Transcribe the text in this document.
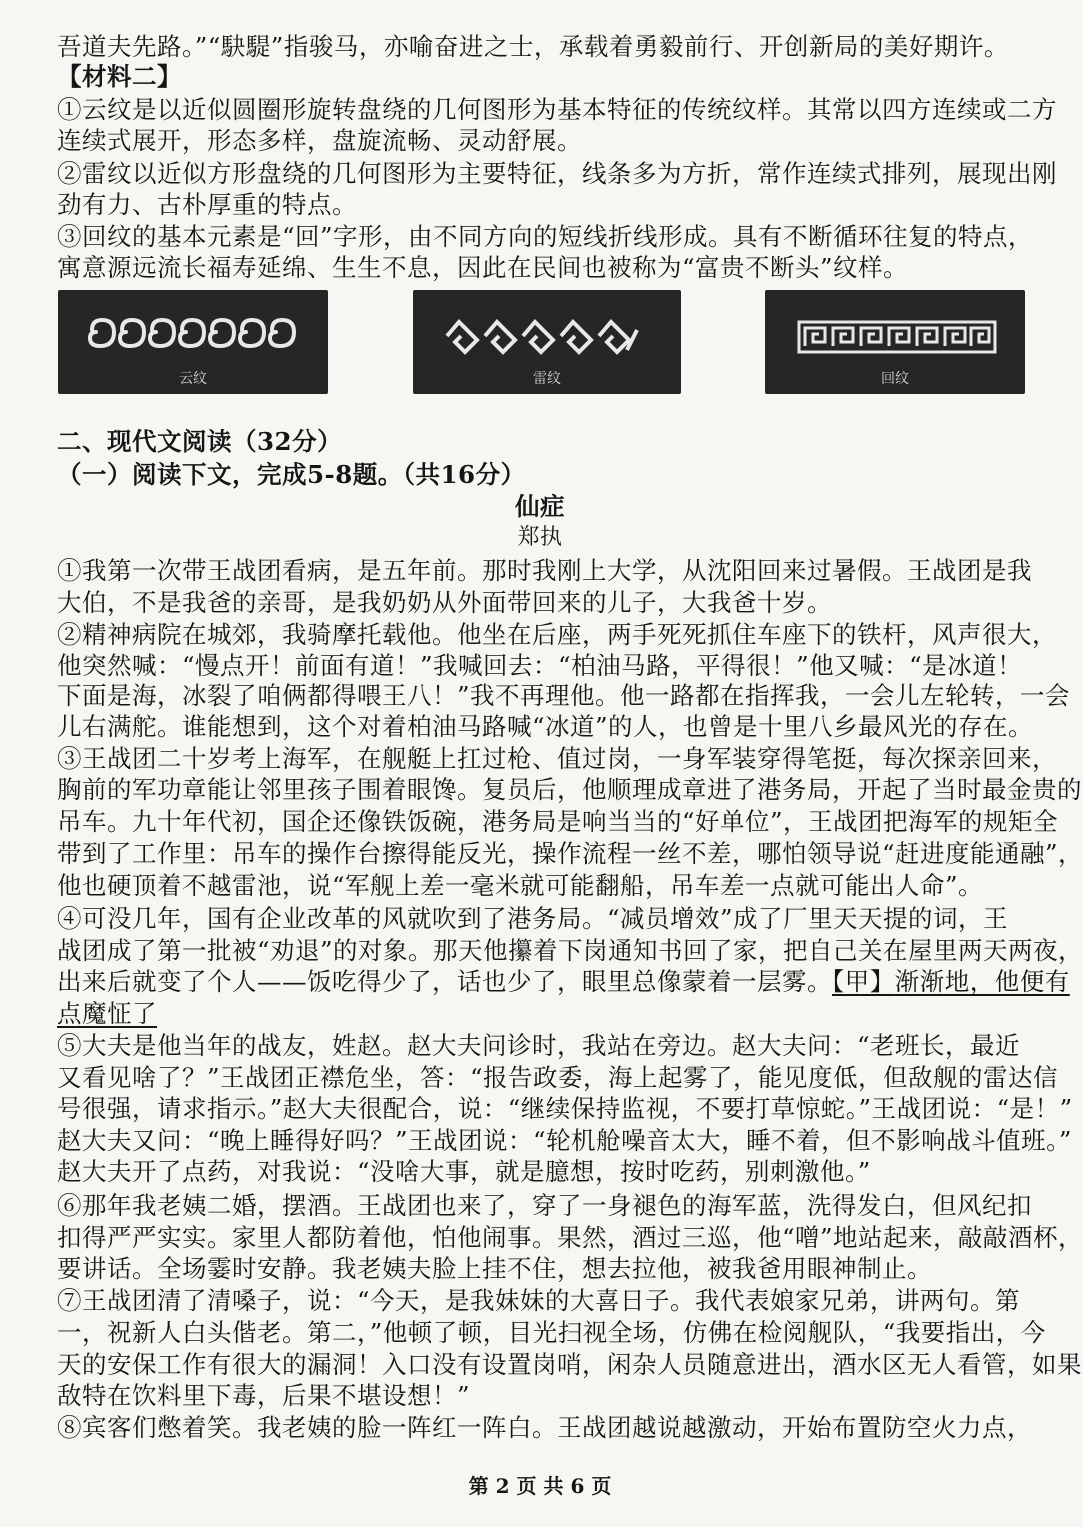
吾道夫先路。”“駃騠”指骏马，亦喻奋进之士，承载着勇毅前行、开创新局的美好期许。
【材料二】
①云纹是以近似圆圈形旋转盘绕的几何图形为基本特征的传统纹样。其常以四方连续或二方
连续式展开，形态多样，盘旋流畅、灵动舒展。
②雷纹以近似方形盘绕的几何图形为主要特征，线条多为方折，常作连续式排列，展现出刚
劲有力、古朴厚重的特点。
③回纹的基本元素是“回”字形，由不同方向的短线折线形成。具有不断循环往复的特点，
寓意源远流长福寿延绵、生生不息，因此在民间也被称为“富贵不断头”纹样。
云纹	雷纹	回纹
二、现代文阅读（32分）
（一）阅读下文，完成5-8题。（共16分）
仙症
郑执
①我第一次带王战团看病，是五年前。那时我刚上大学，从沈阳回来过暑假。王战团是我
大伯，不是我爸的亲哥，是我奶奶从外面带回来的儿子，大我爸十岁。
②精神病院在城郊，我骑摩托载他。他坐在后座，两手死死抓住车座下的铁杆，风声很大，
他突然喊：“慢点开！前面有道！”我喊回去：“柏油马路，平得很！”他又喊：“是冰道！
下面是海，冰裂了咱俩都得喂王八！”我不再理他。他一路都在指挥我，一会儿左轮转，一会
儿右满舵。谁能想到，这个对着柏油马路喊“冰道”的人，也曾是十里八乡最风光的存在。
③王战团二十岁考上海军，在舰艇上扛过枪、值过岗，一身军装穿得笔挺，每次探亲回来，
胸前的军功章能让邻里孩子围着眼馋。复员后，他顺理成章进了港务局，开起了当时最金贵的
吊车。九十年代初，国企还像铁饭碗，港务局是响当当的“好单位”，王战团把海军的规矩全
带到了工作里：吊车的操作台擦得能反光，操作流程一丝不差，哪怕领导说“赶进度能通融”，
他也硬顶着不越雷池，说“军舰上差一毫米就可能翻船，吊车差一点就可能出人命”。
④可没几年，国有企业改革的风就吹到了港务局。“减员增效”成了厂里天天提的词，王
战团成了第一批被“劝退”的对象。那天他攥着下岗通知书回了家，把自己关在屋里两天两夜，
出来后就变了个人——饭吃得少了，话也少了，眼里总像蒙着一层雾。【甲】渐渐地，他便有
点魔怔了
⑤大夫是他当年的战友，姓赵。赵大夫问诊时，我站在旁边。赵大夫问：“老班长，最近
又看见啥了？”王战团正襟危坐，答：“报告政委，海上起雾了，能见度低，但敌舰的雷达信
号很强，请求指示。”赵大夫很配合，说：“继续保持监视，不要打草惊蛇。”王战团说：“是！”
赵大夫又问：“晚上睡得好吗？”王战团说：“轮机舱噪音太大，睡不着，但不影响战斗值班。”
赵大夫开了点药，对我说：“没啥大事，就是臆想，按时吃药，别刺激他。”
⑥那年我老姨二婚，摆酒。王战团也来了，穿了一身褪色的海军蓝，洗得发白，但风纪扣
扣得严严实实。家里人都防着他，怕他闹事。果然，酒过三巡，他“噌”地站起来，敲敲酒杯，
要讲话。全场霎时安静。我老姨夫脸上挂不住，想去拉他，被我爸用眼神制止。
⑦王战团清了清嗓子，说：“今天，是我妹妹的大喜日子。我代表娘家兄弟，讲两句。第
一，祝新人白头偕老。第二，”他顿了顿，目光扫视全场，仿佛在检阅舰队，“我要指出，今
天的安保工作有很大的漏洞！入口没有设置岗哨，闲杂人员随意进出，酒水区无人看管，如果
敌特在饮料里下毒，后果不堪设想！”
⑧宾客们憋着笑。我老姨的脸一阵红一阵白。王战团越说越激动，开始布置防空火力点，
第 2 页 共 6 页
